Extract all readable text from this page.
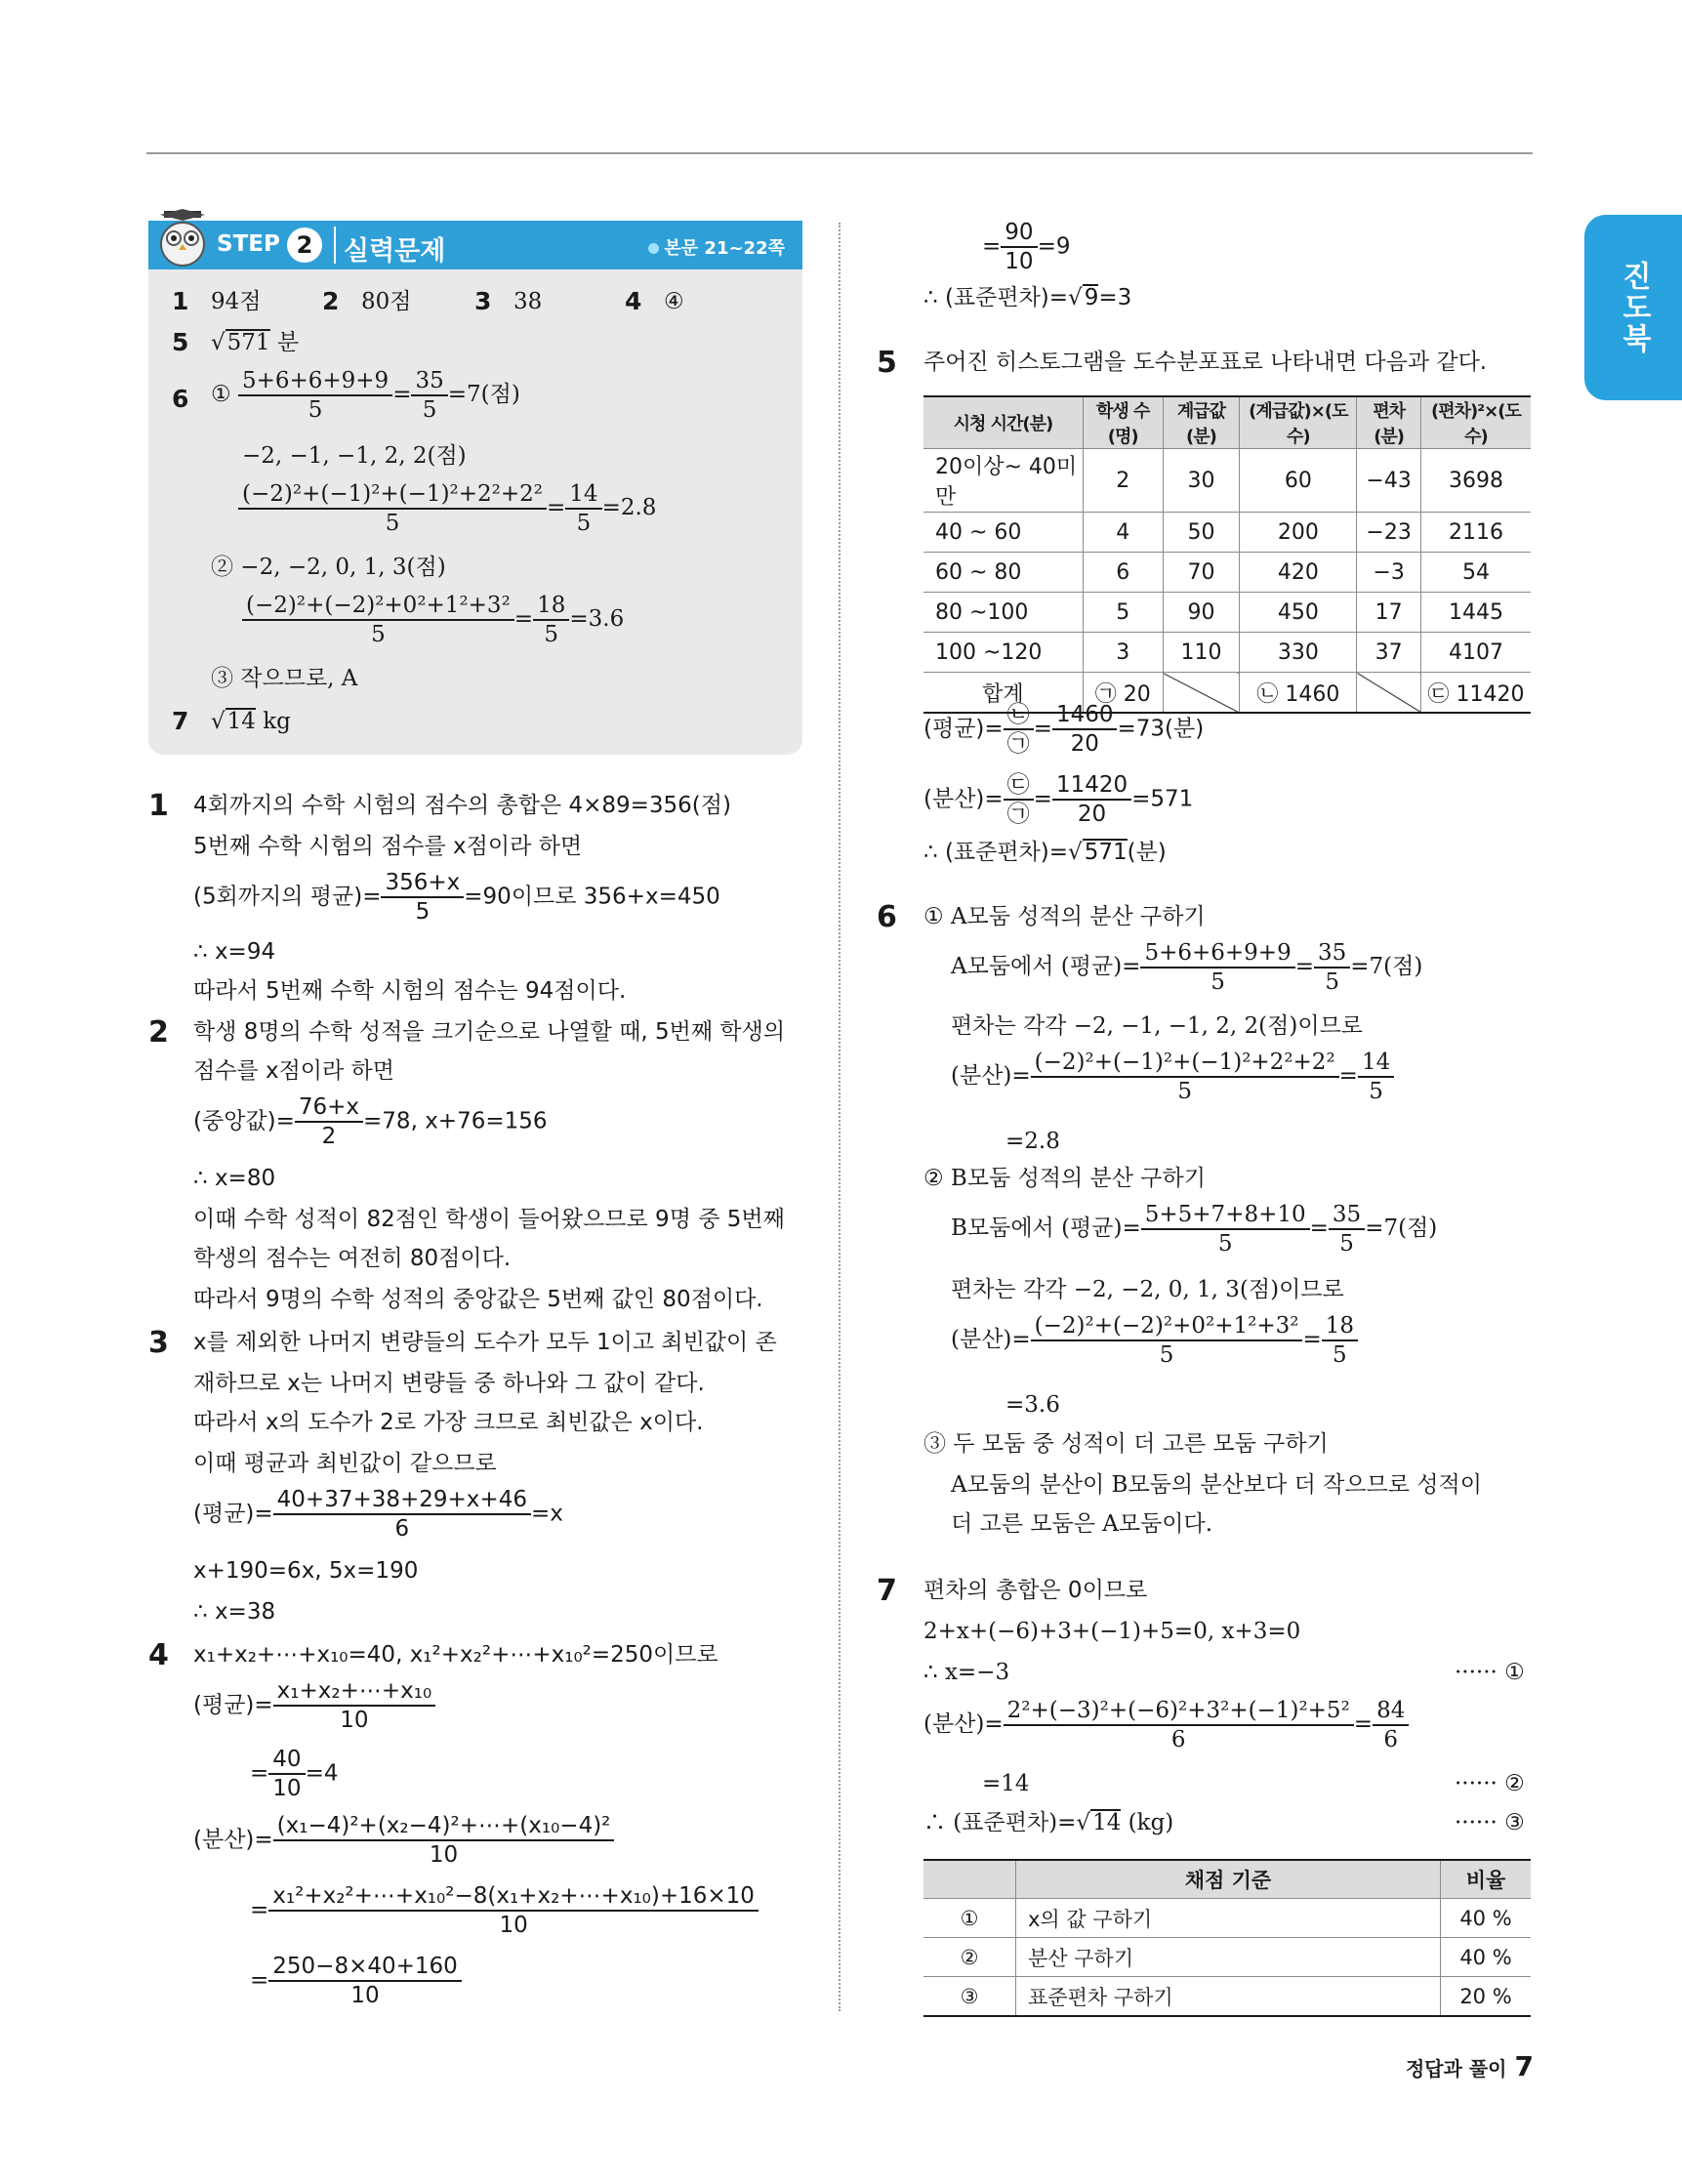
진도북
STEP 2	실력문제	본문 21~22쪽
1 94점	2 80점	3 38	4 ④
5 √571 분
6 ① $\frac{5+6+6+9+9}{5} = \frac{35}{5} =7$(점)
−2, −1, −1, 2, 2(점)
$\frac{\text{(−2)²+(−1)²+(−1)²+2²+2²}}{5} = \frac{14}{5} =2.8$
② −2, −2, 0, 1, 3(점)
$\frac{\text{(−2)²+(−2)²+0²+1²+3²}}{5} = \frac{18}{5} =3.6$
③ 작으므로, A
7 √14 kg
1 4회까지의 수학 시험의 점수의 총합은 4×89=356(점)
5번째 수학 시험의 점수를 x점이라 하면
(5회까지의 평균)= $\frac{356+x}{5} =90$이므로 356+x=450
∴ x=94
따라서 5번째 수학 시험의 점수는 94점이다.
2 학생 8명의 수학 성적을 크기순으로 나열할 때, 5번째 학생의
점수를 x점이라 하면
(중앙값)= $\frac{76+x}{2} =78$, x+76=156
∴ x=80
이때 수학 성적이 82점인 학생이 들어왔으므로 9명 중 5번째
학생의 점수는 여전히 80점이다.
따라서 9명의 수학 성적의 중앙값은 5번째 값인 80점이다.
3 x를 제외한 나머지 변량들의 도수가 모두 1이고 최빈값이 존
재하므로 x는 나머지 변량들 중 하나와 그 값이 같다.
따라서 x의 도수가 2로 가장 크므로 최빈값은 x이다.
이때 평균과 최빈값이 같으므로
(평균)= $\frac{40+37+38+29+x+46}{6} =x$
x+190=6x, 5x=190
∴ x=38
4 x₁+x₂+⋯+x₁₀=40, x₁²+x₂²+⋯+x₁₀²=250이므로
(평균)= $\frac{\text{x₁+x₂+⋯+x₁₀}}{10}$
= $\frac{40}{10} =4$
(분산)= $\frac{\text{(x₁−4)²+(x₂−4)²+⋯+(x₁₀−4)²}}{10}$
= $\frac{\text{x₁²+x₂²+⋯+x₁₀²−8(x₁+x₂+⋯+x₁₀)+16×10}}{10}$
= $\frac{250-8\times 40+160}{10}$
= $\frac{90}{10} =9$
∴ (표준편차)=√9=3
5 주어진 히스토그램을 도수분포표로 나타내면 다음과 같다.
시청 시간(분)	학생 수(명)	계급값(분)	(계급값)×(도수)	편차(분)	(편차)²×(도수)
20이상~ 40미만	2	30	60	−43	3698
40 ~ 60	4	50	200	−23	2116
60 ~ 80	6	70	420	−3	54
80 ~100	5	90	450	17	1445
100 ~120	3	110	330	37	4107
합계	㉠ 20		㉡ 1460		㉢ 11420
(평균)= $\frac{㉡}{㉠} = \frac{1460}{20} =73$(분)
(분산)= $\frac{㉢}{㉠} = \frac{11420}{20} =571$
∴ (표준편차)=√571(분)
6 ① A모둠 성적의 분산 구하기
A모둠에서 (평균)= $\frac{5+6+6+9+9}{5} = \frac{35}{5} =7$(점)
편차는 각각 −2, −1, −1, 2, 2(점)이므로
(분산)= $\frac{\text{(−2)²+(−1)²+(−1)²+2²+2²}}{5} = \frac{14}{5}$
=2.8
② B모둠 성적의 분산 구하기
B모둠에서 (평균)= $\frac{5+5+7+8+10}{5} = \frac{35}{5} =7$(점)
편차는 각각 −2, −2, 0, 1, 3(점)이므로
(분산)= $\frac{\text{(−2)²+(−2)²+0²+1²+3²}}{5} = \frac{18}{5}$
=3.6
③ 두 모둠 중 성적이 더 고른 모둠 구하기
A모둠의 분산이 B모둠의 분산보다 더 작으므로 성적이
더 고른 모둠은 A모둠이다.
7 편차의 총합은 0이므로
2+x+(−6)+3+(−1)+5=0, x+3=0
∴ x=−3	······ ①
(분산)= $\frac{\text{2²+(−3)²+(−6)²+3²+(−1)²+5²}}{6} = \frac{84}{6}$
=14	······ ②
∴ (표준편차)=√14 (kg)	······ ③
	채점 기준	비율
①	x의 값 구하기	40 %
②	분산 구하기	40 %
③	표준편차 구하기	20 %
정답과 풀이 7
